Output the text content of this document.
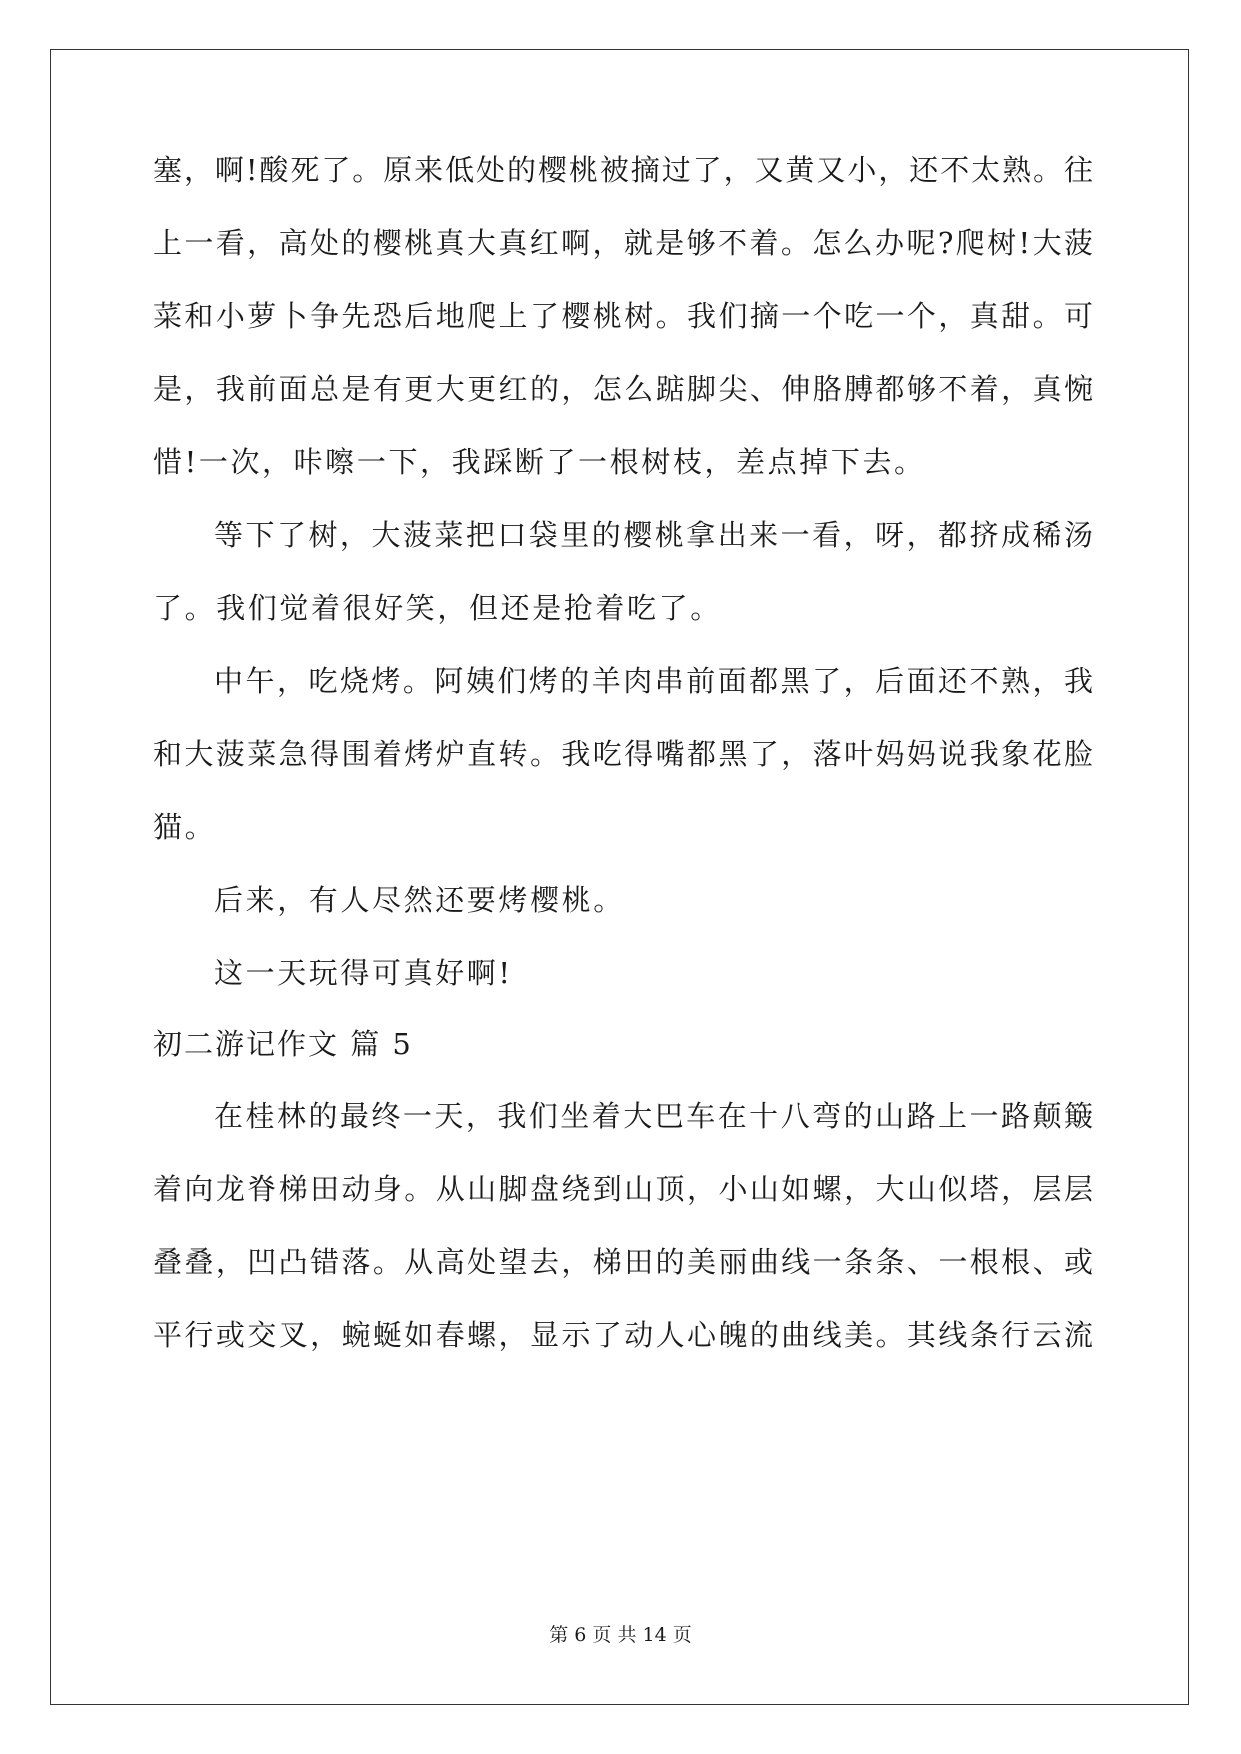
塞，啊!酸死了。原来低处的樱桃被摘过了，又黄又小，还不太熟。往
上一看，高处的樱桃真大真红啊，就是够不着。怎么办呢?爬树!大菠
菜和小萝卜争先恐后地爬上了樱桃树。我们摘一个吃一个，真甜。可
是，我前面总是有更大更红的，怎么踮脚尖、伸胳膊都够不着，真惋
惜!一次，咔嚓一下，我踩断了一根树枝，差点掉下去。
等下了树，大菠菜把口袋里的樱桃拿出来一看，呀，都挤成稀汤
了。我们觉着很好笑，但还是抢着吃了。
中午，吃烧烤。阿姨们烤的羊肉串前面都黑了，后面还不熟，我
和大菠菜急得围着烤炉直转。我吃得嘴都黑了，落叶妈妈说我象花脸
猫。
后来，有人尽然还要烤樱桃。
这一天玩得可真好啊!
初二游记作文 篇 5
在桂林的最终一天，我们坐着大巴车在十八弯的山路上一路颠簸
着向龙脊梯田动身。从山脚盘绕到山顶，小山如螺，大山似塔，层层
叠叠，凹凸错落。从高处望去，梯田的美丽曲线一条条、一根根、或
平行或交叉，蜿蜒如春螺，显示了动人心魄的曲线美。其线条行云流
第 6 页 共 14 页
